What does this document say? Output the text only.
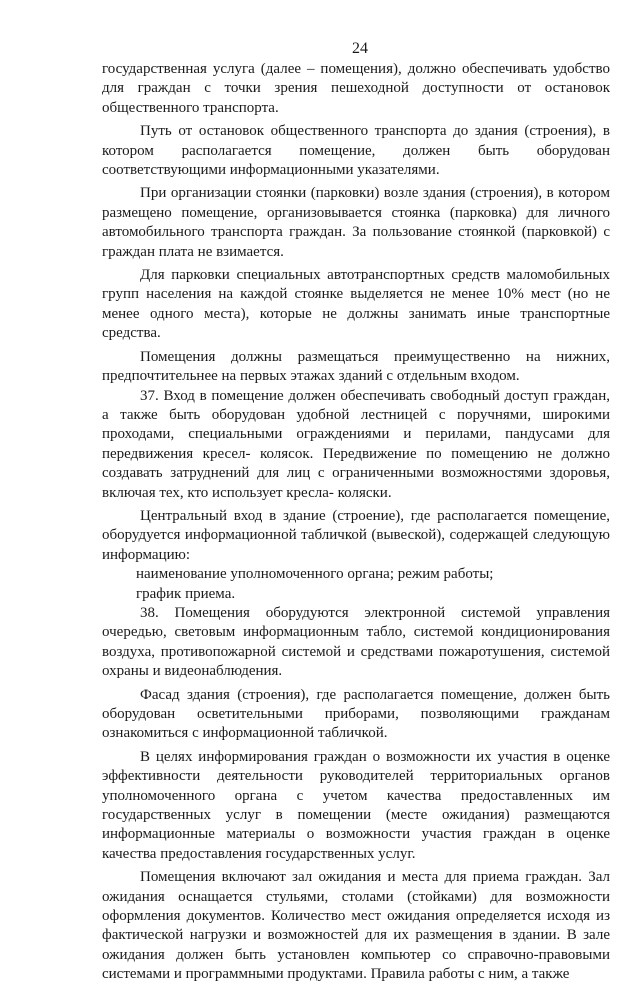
24

государственная услуга (далее – помещения), должно обеспечивать удобство для граждан с точки зрения пешеходной доступности от остановок общественного транспорта.

Путь от остановок общественного транспорта до здания (строения), в котором располагается помещение, должен быть оборудован соответствующими информационными указателями.

При организации стоянки (парковки) возле здания (строения), в котором размещено помещение, организовывается стоянка (парковка) для личного автомобильного транспорта граждан. За пользование стоянкой (парковкой) с граждан плата не взимается.

Для парковки специальных автотранспортных средств маломобильных групп населения на каждой стоянке выделяется не менее 10% мест (но не менее одного места), которые не должны занимать иные транспортные средства.

Помещения должны размещаться преимущественно на нижних, предпочтительнее на первых этажах зданий с отдельным входом.

37. Вход в помещение должен обеспечивать свободный доступ граждан, а также быть оборудован удобной лестницей с поручнями, широкими проходами, специальными ограждениями и перилами, пандусами для передвижения кресел- колясок. Передвижение по помещению не должно создавать затруднений для лиц с ограниченными возможностями здоровья, включая тех, кто использует кресла- коляски.

Центральный вход в здание (строение), где располагается помещение, оборудуется информационной табличкой (вывеской), содержащей следующую информацию:

наименование уполномоченного органа; режим работы;

график приема.

38. Помещения оборудуются электронной системой управления очередью, световым информационным табло, системой кондиционирования воздуха, противопожарной системой и средствами пожаротушения, системой охраны и видеонаблюдения.

Фасад здания (строения), где располагается помещение, должен быть оборудован осветительными приборами, позволяющими гражданам ознакомиться с информационной табличкой.

В целях информирования граждан о возможности их участия в оценке эффективности деятельности руководителей территориальных органов уполномоченного органа с учетом качества предоставленных им государственных услуг в помещении (месте ожидания) размещаются информационные материалы о возможности участия граждан в оценке качества предоставления государственных услуг.

Помещения включают зал ожидания и места для приема граждан. Зал ожидания оснащается стульями, столами (стойками) для возможности оформления документов. Количество мест ожидания определяется исходя из фактической нагрузки и возможностей для их размещения в здании. В зале ожидания должен быть установлен компьютер со справочно-правовыми системами и программными продуктами. Правила работы с ним, а также
